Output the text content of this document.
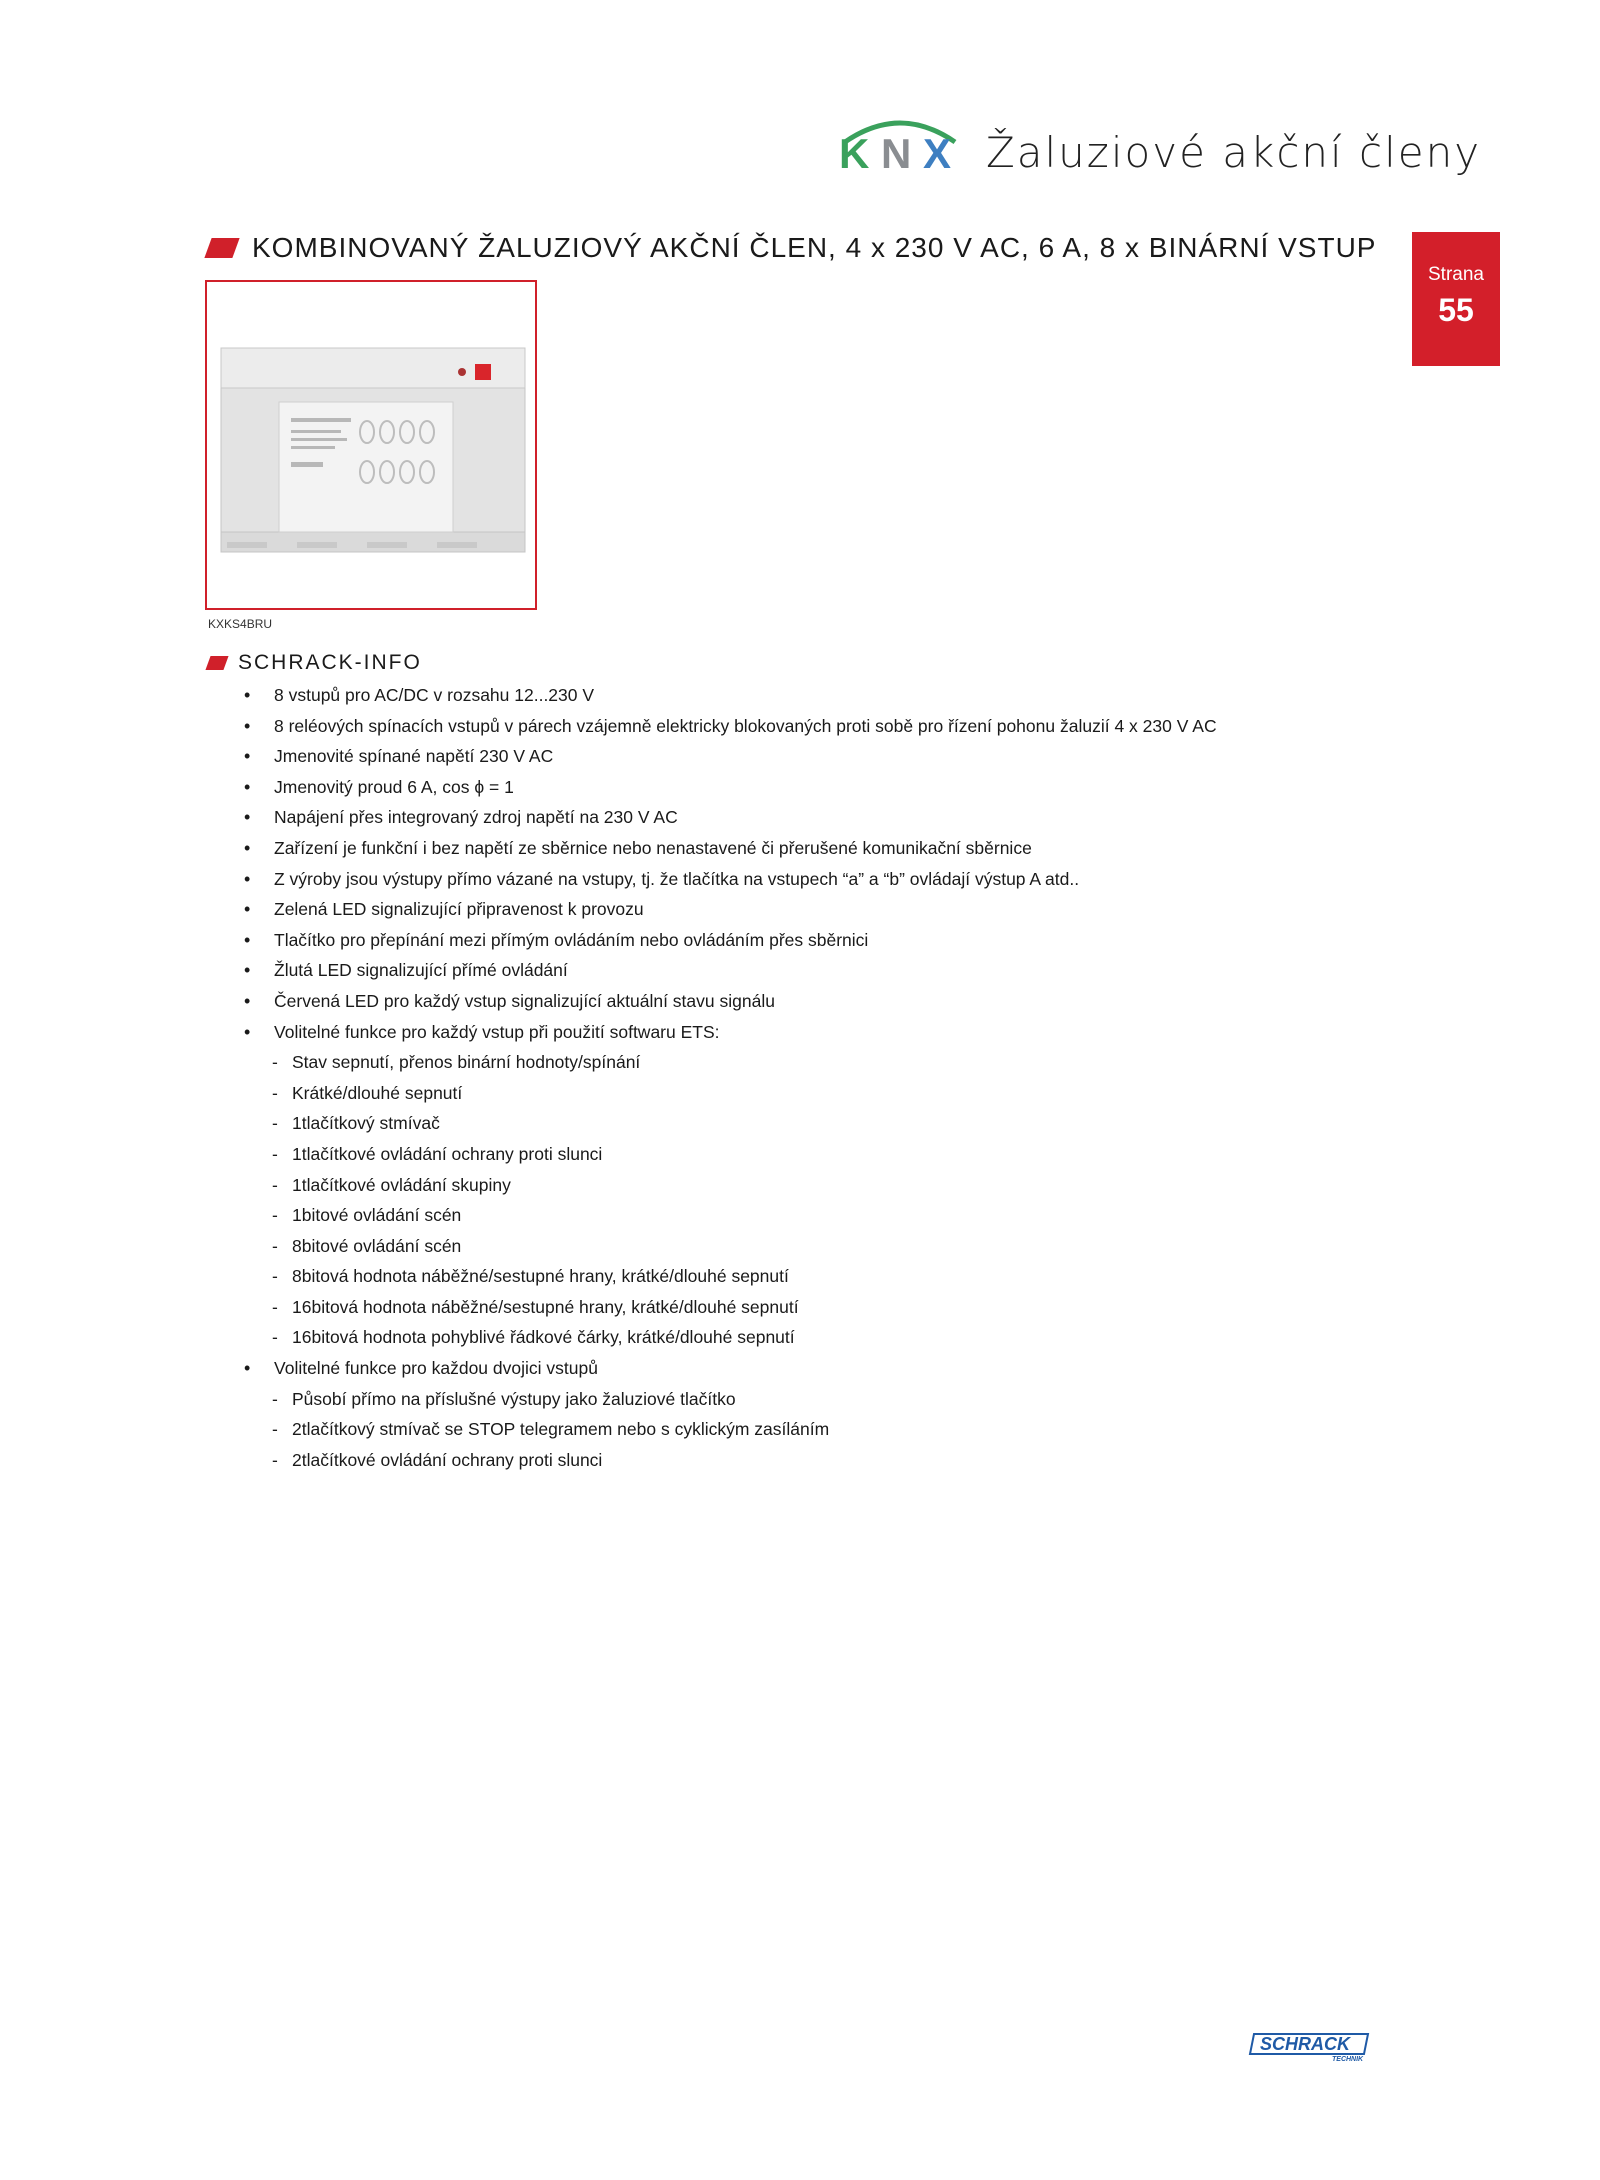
K N X Žaluziové akční členy
KOMBINOVANÝ ŽALUZIOVÝ AKČNÍ ČLEN, 4 x 230 V AC, 6 A, 8 x BINÁRNÍ VSTUP
Strana
55
KXKS4BRU
SCHRACK-INFO
• 8 vstupů pro AC/DC v rozsahu 12...230 V
• 8 reléových spínacích vstupů v párech vzájemně elektricky blokovaných proti sobě pro řízení pohonu žaluzií 4 x 230 V AC
• Jmenovité spínané napětí 230 V AC
• Jmenovitý proud 6 A, cos ϕ = 1
• Napájení přes integrovaný zdroj napětí na 230 V AC
• Zařízení je funkční i bez napětí ze sběrnice nebo nenastavené či přerušené komunikační sběrnice
• Z výroby jsou výstupy přímo vázané na vstupy, tj. že tlačítka na vstupech “a” a “b” ovládají výstup A atd..
• Zelená LED signalizující připravenost k provozu
• Tlačítko pro přepínání mezi přímým ovládáním nebo ovládáním přes sběrnici
• Žlutá LED signalizující přímé ovládání
• Červená LED pro každý vstup signalizující aktuální stavu signálu
• Volitelné funkce pro každý vstup při použití softwaru ETS:
- Stav sepnutí, přenos binární hodnoty/spínání
- Krátké/dlouhé sepnutí
- 1tlačítkový stmívač
- 1tlačítkové ovládání ochrany proti slunci
- 1tlačítkové ovládání skupiny
- 1bitové ovládání scén
- 8bitové ovládání scén
- 8bitová hodnota náběžné/sestupné hrany, krátké/dlouhé sepnutí
- 16bitová hodnota náběžné/sestupné hrany, krátké/dlouhé sepnutí
- 16bitová hodnota pohyblivé řádkové čárky, krátké/dlouhé sepnutí
• Volitelné funkce pro každou dvojici vstupů
- Působí přímo na příslušné výstupy jako žaluziové tlačítko
- 2tlačítkový stmívač se STOP telegramem nebo s cyklickým zasíláním
- 2tlačítkové ovládání ochrany proti slunci
SCHRACK
TECHNIK
